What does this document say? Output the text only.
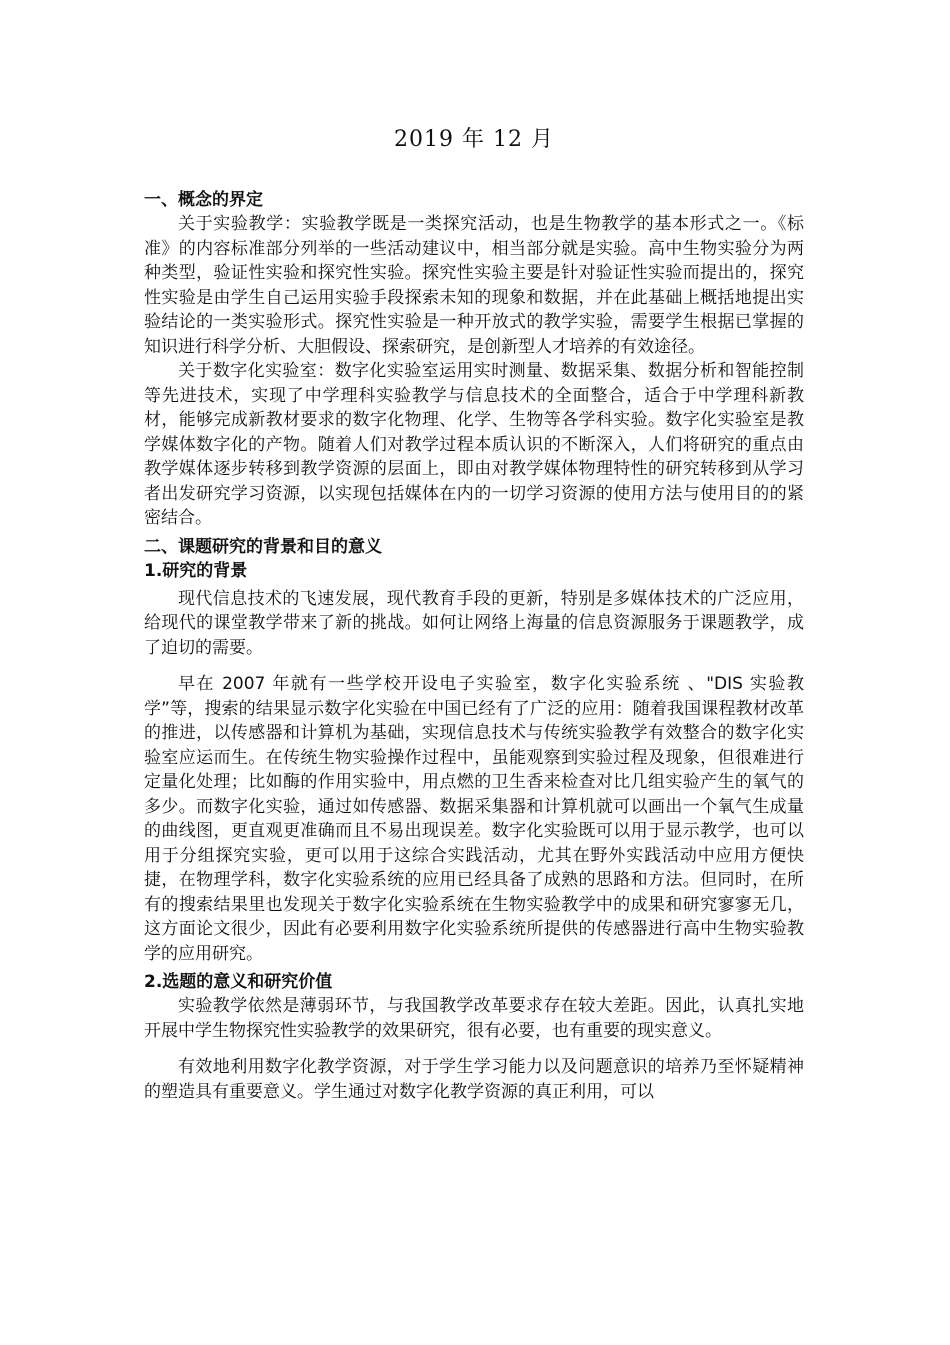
2019 年 12 月
一、概念的界定

关于实验教学：实验教学既是一类探究活动，也是生物教学的基本形式之一。《标准》的内容标准部分列举的一些活动建议中，相当部分就是实验。高中生物实验分为两种类型，验证性实验和探究性实验。探究性实验主要是针对验证性实验而提出的，探究性实验是由学生自己运用实验手段探索未知的现象和数据，并在此基础上概括地提出实验结论的一类实验形式。探究性实验是一种开放式的教学实验，需要学生根据已掌握的知识进行科学分析、大胆假设、探索研究，是创新型人才培养的有效途径。

关于数字化实验室：数字化实验室运用实时测量、数据采集、数据分析和智能控制等先进技术，实现了中学理科实验教学与信息技术的全面整合，适合于中学理科新教材，能够完成新教材要求的数字化物理、化学、生物等各学科实验。数字化实验室是教学媒体数字化的产物。随着人们对教学过程本质认识的不断深入，人们将研究的重点由教学媒体逐步转移到教学资源的层面上，即由对教学媒体物理特性的研究转移到从学习者出发研究学习资源，以实现包括媒体在内的一切学习资源的使用方法与使用目的的紧密结合。

二、课题研究的背景和目的意义
1.研究的背景

现代信息技术的飞速发展，现代教育手段的更新，特别是多媒体技术的广泛应用，给现代的课堂教学带来了新的挑战。如何让网络上海量的信息资源服务于课题教学，成了迫切的需要。

早在 2007 年就有一些学校开设电子实验室，数字化实验系统 、"DIS 实验教学”等，搜索的结果显示数字化实验在中国已经有了广泛的应用：随着我国课程教材改革的推进，以传感器和计算机为基础，实现信息技术与传统实验教学有效整合的数字化实验室应运而生。在传统生物实验操作过程中，虽能观察到实验过程及现象，但很难进行定量化处理；比如酶的作用实验中，用点燃的卫生香来检查对比几组实验产生的氧气的多少。而数字化实验，通过如传感器、数据采集器和计算机就可以画出一个氧气生成量的曲线图，更直观更准确而且不易出现误差。数字化实验既可以用于显示教学，也可以用于分组探究实验，更可以用于这综合实践活动，尤其在野外实践活动中应用方便快捷，在物理学科，数字化实验系统的应用已经具备了成熟的思路和方法。但同时，在所有的搜索结果里也发现关于数字化实验系统在生物实验教学中的成果和研究寥寥无几，这方面论文很少，因此有必要利用数字化实验系统所提供的传感器进行高中生物实验教学的应用研究。

2.选题的意义和研究价值

实验教学依然是薄弱环节，与我国教学改革要求存在较大差距。因此，认真扎实地开展中学生物探究性实验教学的效果研究，很有必要，也有重要的现实意义。

有效地利用数字化教学资源，对于学生学习能力以及问题意识的培养乃至怀疑精神的塑造具有重要意义。学生通过对数字化教学资源的真正利用，可以
